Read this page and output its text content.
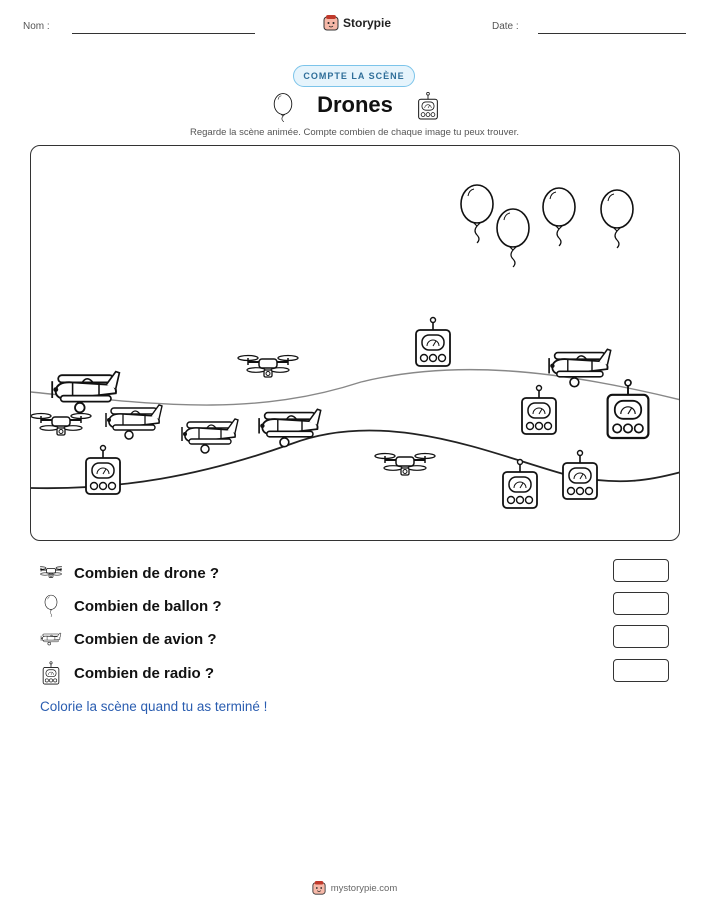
Nom :	Storypie	Date :
COMPTE LA SCÈNE
Drones
Regarde la scène animée. Compte combien de chaque image tu peux trouver.
Combien de drone ?
Combien de ballon ?
Combien de avion ?
Combien de radio ?
Colorie la scène quand tu as terminé !
mystorypie.com
